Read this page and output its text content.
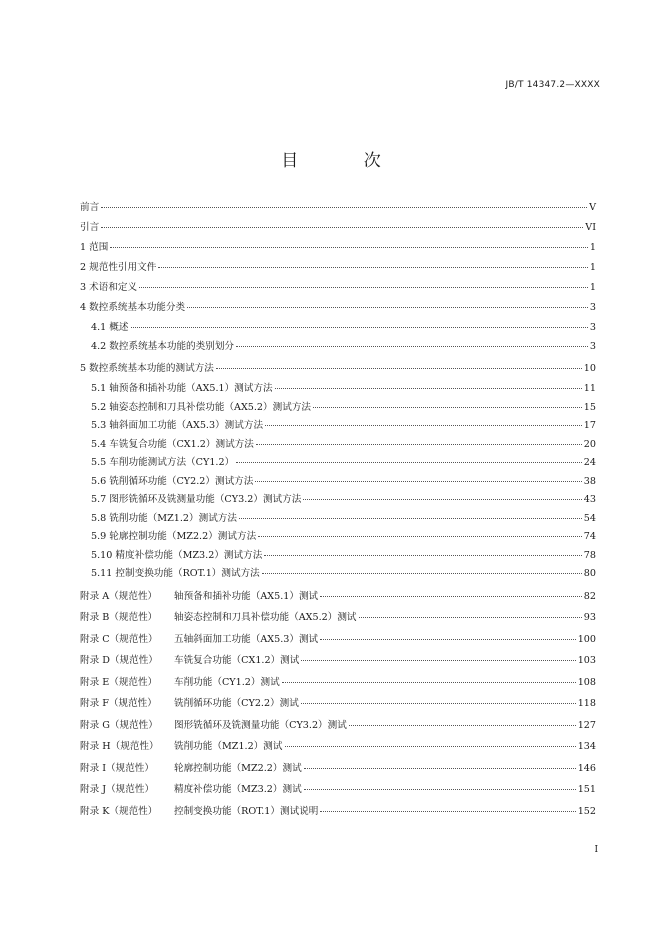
JB/T 14347.2—XXXX
目 次
前言	V
引言	VI
1 范围	1
2 规范性引用文件	1
3 术语和定义	1
4 数控系统基本功能分类	3
4.1 概述	3
4.2 数控系统基本功能的类别划分	3
5 数控系统基本功能的测试方法	10
5.1 轴预备和插补功能（AX5.1）测试方法	11
5.2 轴姿态控制和刀具补偿功能（AX5.2）测试方法	15
5.3 轴斜面加工功能（AX5.3）测试方法	17
5.4 车铣复合功能（CX1.2）测试方法	20
5.5 车削功能测试方法（CY1.2）	24
5.6 铣削循环功能（CY2.2）测试方法	38
5.7 图形铣循环及铣测量功能（CY3.2）测试方法	43
5.8 铣削功能（MZ1.2）测试方法	54
5.9 轮廓控制功能（MZ2.2）测试方法	74
5.10 精度补偿功能（MZ3.2）测试方法	78
5.11 控制变换功能（ROT.1）测试方法	80
附录 A（规范性） 轴预备和插补功能（AX5.1）测试	82
附录 B（规范性） 轴姿态控制和刀具补偿功能（AX5.2）测试	93
附录 C（规范性） 五轴斜面加工功能（AX5.3）测试	100
附录 D（规范性） 车铣复合功能（CX1.2）测试	103
附录 E（规范性） 车削功能（CY1.2）测试	108
附录 F（规范性） 铣削循环功能（CY2.2）测试	118
附录 G（规范性） 图形铣循环及铣测量功能（CY3.2）测试	127
附录 H（规范性） 铣削功能（MZ1.2）测试	134
附录 I（规范性） 轮廓控制功能（MZ2.2）测试	146
附录 J（规范性） 精度补偿功能（MZ3.2）测试	151
附录 K（规范性） 控制变换功能（ROT.1）测试说明	152
I
